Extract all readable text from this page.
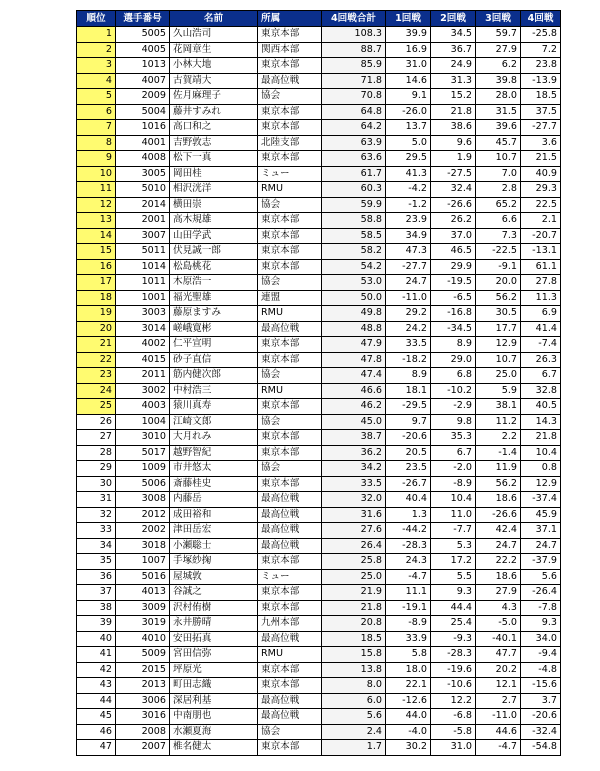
順位	選手番号	名前	所属	4回戦合計	1回戦	2回戦	3回戦	4回戦
1	5005	久山浩司	東京本部	108.3	39.9	34.5	59.7	-25.8
2	4005	花岡章生	関西本部	88.7	16.9	36.7	27.9	7.2
3	1013	小林大地	東京本部	85.9	31.0	24.9	6.2	23.8
4	4007	古賀靖大	最高位戦	71.8	14.6	31.3	39.8	-13.9
5	2009	佐月麻理子	協会	70.8	9.1	15.2	28.0	18.5
6	5004	藤井すみれ	東京本部	64.8	-26.0	21.8	31.5	37.5
7	1016	高口和之	東京本部	64.2	13.7	38.6	39.6	-27.7
8	4001	吉野敦志	北陸支部	63.9	5.0	9.6	45.7	3.6
9	4008	松下一真	東京本部	63.6	29.5	1.9	10.7	21.5
10	3005	岡田桂	ミュー	61.7	41.3	-27.5	7.0	40.9
11	5010	相沢洸洋	RMU	60.3	-4.2	32.4	2.8	29.3
12	2014	横田崇	協会	59.9	-1.2	-26.6	65.2	22.5
13	2001	高木規雄	東京本部	58.8	23.9	26.2	6.6	2.1
14	3007	山田学武	東京本部	58.5	34.9	37.0	7.3	-20.7
15	5011	伏見誠一郎	東京本部	58.2	47.3	46.5	-22.5	-13.1
16	1014	松島桃花	東京本部	54.2	-27.7	29.9	-9.1	61.1
17	1011	木原浩一	協会	53.0	24.7	-19.5	20.0	27.8
18	1001	福光聖雄	連盟	50.0	-11.0	-6.5	56.2	11.3
19	3003	藤原ますみ	RMU	49.8	29.2	-16.8	30.5	6.9
20	3014	嵯峨寛彬	最高位戦	48.8	24.2	-34.5	17.7	41.4
21	4002	仁平宣明	東京本部	47.9	33.5	8.9	12.9	-7.4
22	4015	砂子直信	東京本部	47.8	-18.2	29.0	10.7	26.3
23	2011	筋内健次郎	協会	47.4	8.9	6.8	25.0	6.7
24	3002	中村浩三	RMU	46.6	18.1	-10.2	5.9	32.8
25	4003	猿川真寿	東京本部	46.2	-29.5	-2.9	38.1	40.5
26	1004	江崎文郎	協会	45.0	9.7	9.8	11.2	14.3
27	3010	大月れみ	東京本部	38.7	-20.6	35.3	2.2	21.8
28	5017	越野智紀	東京本部	36.2	20.5	6.7	-1.4	10.4
29	1009	市井悠太	協会	34.2	23.5	-2.0	11.9	0.8
30	5006	斎藤桂史	東京本部	33.5	-26.7	-8.9	56.2	12.9
31	3008	内藤岳	最高位戦	32.0	40.4	10.4	18.6	-37.4
32	2012	成田裕和	最高位戦	31.6	1.3	11.0	-26.6	45.9
33	2002	津田岳宏	最高位戦	27.6	-44.2	-7.7	42.4	37.1
34	3018	小瀬聡士	最高位戦	26.4	-28.3	5.3	24.7	24.7
35	1007	手塚紗掬	東京本部	25.8	24.3	17.2	22.2	-37.9
36	5016	屋城敦	ミュー	25.0	-4.7	5.5	18.6	5.6
37	4013	谷誠之	東京本部	21.9	11.1	9.3	27.9	-26.4
38	3009	沢村侑樹	東京本部	21.8	-19.1	44.4	4.3	-7.8
39	3019	永井勝晴	九州本部	20.8	-8.9	25.4	-5.0	9.3
40	4010	安田拓真	最高位戦	18.5	33.9	-9.3	-40.1	34.0
41	5009	宮田信弥	RMU	15.8	5.8	-28.3	47.7	-9.4
42	2015	坪原光	東京本部	13.8	18.0	-19.6	20.2	-4.8
43	2013	町田志織	東京本部	8.0	22.1	-10.6	12.1	-15.6
44	3006	深居利基	最高位戦	6.0	-12.6	12.2	2.7	3.7
45	3016	中南朋也	最高位戦	5.6	44.0	-6.8	-11.0	-20.6
46	2008	水瀬夏海	協会	2.4	-4.0	-5.8	44.6	-32.4
47	2007	椎名健太	東京本部	1.7	30.2	31.0	-4.7	-54.8
